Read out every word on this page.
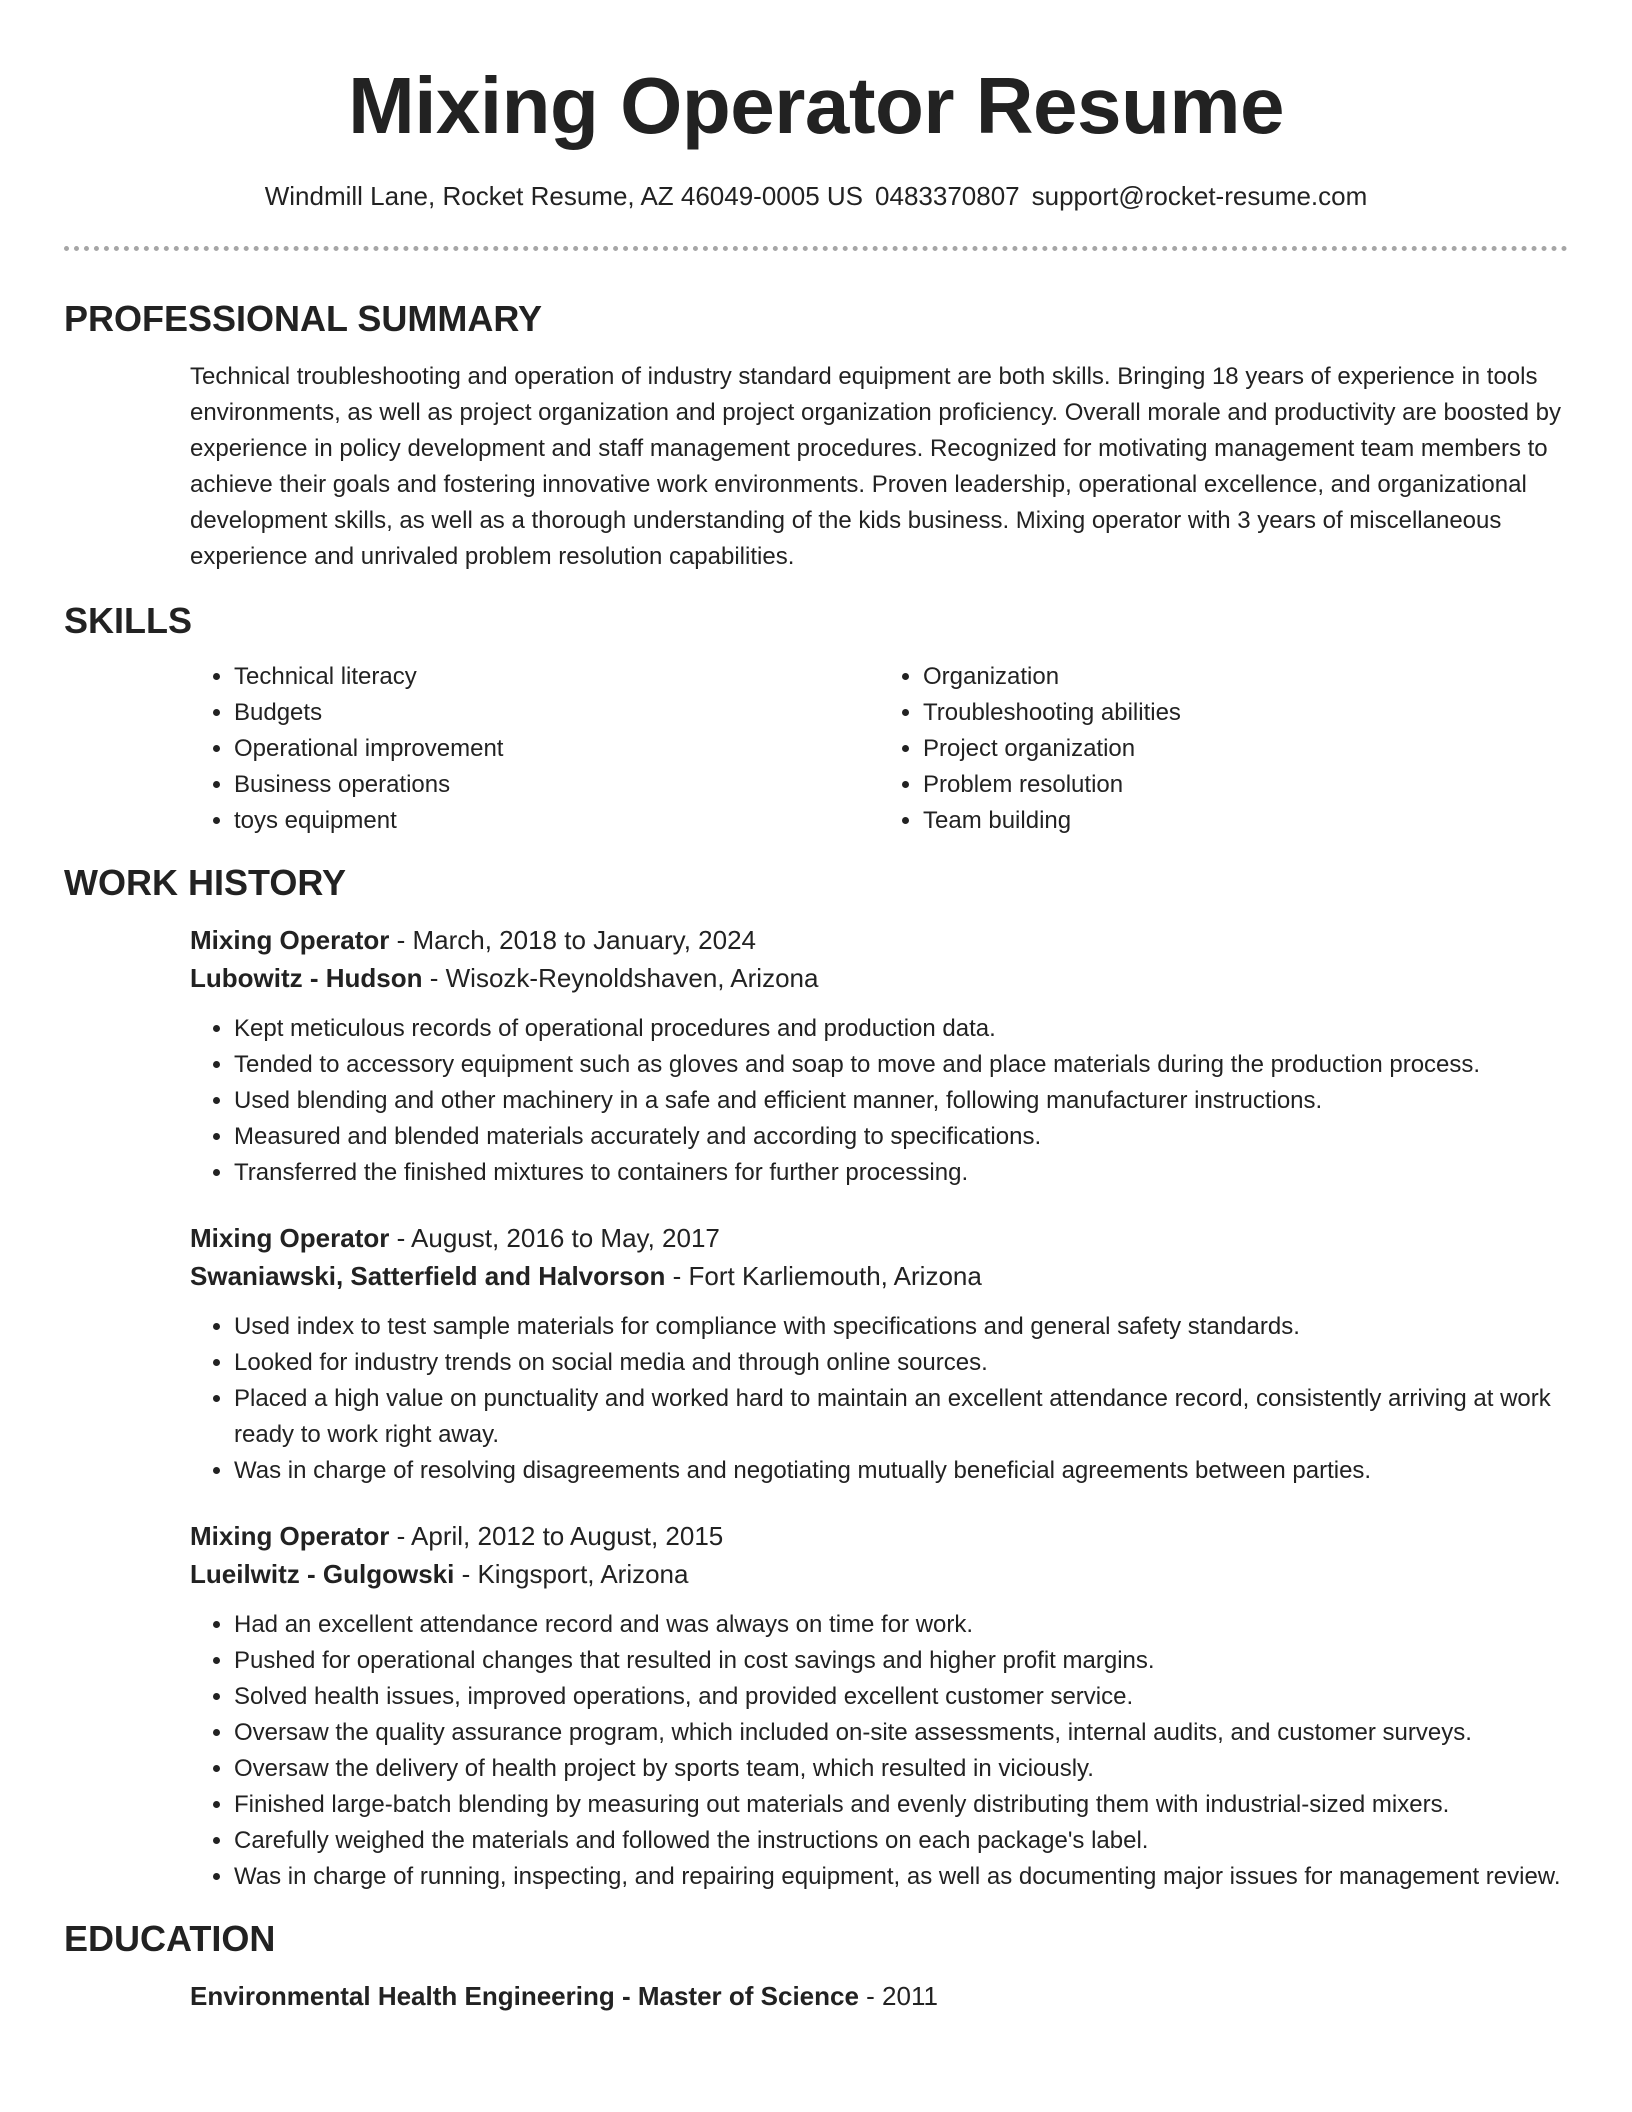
Mixing Operator Resume
Windmill Lane, Rocket Resume, AZ 46049-0005 US 0483370807 support@rocket-resume.com
PROFESSIONAL SUMMARY

Technical troubleshooting and operation of industry standard equipment are both skills. Bringing 18 years of experience in tools environments, as well as project organization and project organization proficiency. Overall morale and productivity are boosted by experience in policy development and staff management procedures. Recognized for motivating management team members to achieve their goals and fostering innovative work environments. Proven leadership, operational excellence, and organizational development skills, as well as a thorough understanding of the kids business. Mixing operator with 3 years of miscellaneous experience and unrivaled problem resolution capabilities.

SKILLS
• Technical literacy
• Budgets
• Operational improvement
• Business operations
• toys equipment
• Organization
• Troubleshooting abilities
• Project organization
• Problem resolution
• Team building
WORK HISTORY
Mixing Operator - March, 2018 to January, 2024
Lubowitz - Hudson - Wisozk-Reynoldshaven, Arizona
• Kept meticulous records of operational procedures and production data.
• Tended to accessory equipment such as gloves and soap to move and place materials during the production process.
• Used blending and other machinery in a safe and efficient manner, following manufacturer instructions.
• Measured and blended materials accurately and according to specifications.
• Transferred the finished mixtures to containers for further processing.
Mixing Operator - August, 2016 to May, 2017
Swaniawski, Satterfield and Halvorson - Fort Karliemouth, Arizona
• Used index to test sample materials for compliance with specifications and general safety standards.
• Looked for industry trends on social media and through online sources.
• Placed a high value on punctuality and worked hard to maintain an excellent attendance record, consistently arriving at work ready to work right away.
• Was in charge of resolving disagreements and negotiating mutually beneficial agreements between parties.
Mixing Operator - April, 2012 to August, 2015
Lueilwitz - Gulgowski - Kingsport, Arizona
• Had an excellent attendance record and was always on time for work.
• Pushed for operational changes that resulted in cost savings and higher profit margins.
• Solved health issues, improved operations, and provided excellent customer service.
• Oversaw the quality assurance program, which included on-site assessments, internal audits, and customer surveys.
• Oversaw the delivery of health project by sports team, which resulted in viciously.
• Finished large-batch blending by measuring out materials and evenly distributing them with industrial-sized mixers.
• Carefully weighed the materials and followed the instructions on each package's label.
• Was in charge of running, inspecting, and repairing equipment, as well as documenting major issues for management review.
EDUCATION
Environmental Health Engineering - Master of Science - 2011
